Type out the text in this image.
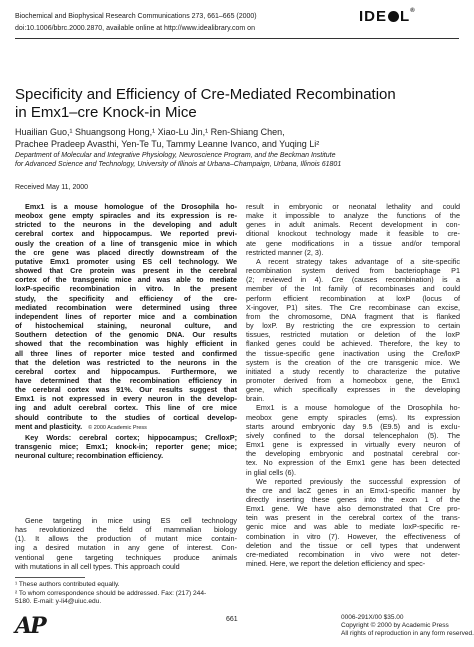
Biochemical and Biophysical Research Communications 273, 661–665 (2000)
doi:10.1006/bbrc.2000.2870, available online at http://www.idealibrary.com on
IDE L®
Specificity and Efficiency of Cre-Mediated Recombination
in Emx1–cre Knock-in Mice
Huailian Guo,¹ Shuangsong Hong,¹ Xiao-Lu Jin,¹ Ren-Shiang Chen,
Prachee Pradeep Avasthi, Yen-Te Tu, Tammy Leanne Ivanco, and Yuqing Li²
Department of Molecular and Integrative Physiology, Neuroscience Program, and the Beckman Institute
for Advanced Science and Technology, University of Illinois at Urbana–Champaign, Urbana, Illinois 61801
Received May 11, 2000
Emx1 is a mouse homologue of the Drosophila ho-
meobox gene empty spiracles and its expression is re-
stricted to the neurons in the developing and adult
cerebral cortex and hippocampus. We reported previ-
ously the creation of a line of transgenic mice in which
the cre gene was placed directly downstream of the
putative Emx1 promoter using ES cell technology. We
showed that Cre protein was present in the cerebral
cortex of the transgenic mice and was able to mediate
loxP-specific recombination in vitro. In the present
study, the specificity and efficiency of the cre-
mediated recombination were determined using three
independent lines of reporter mice and a combination
of histochemical staining, neuronal culture, and
Southern detection of the genomic DNA. Our results
showed that the recombination was highly efficient in
all three lines of reporter mice tested and confirmed
that the deletion was restricted to the neurons in the
cerebral cortex and hippocampus. Furthermore, we
have determined that the recombination efficiency in
the cerebral cortex was 91%. Our results suggest that
Emx1 is not expressed in every neuron in the develop-
ing and adult cerebral cortex. This line of cre mice
should contribute to the studies of cortical develop-
ment and plasticity. © 2000 Academic Press
Key Words: cerebral cortex; hippocampus; Cre/loxP;
transgenic mice; Emx1; knock-in; reporter gene; mice;
neuronal culture; recombination efficiency.
Gene targeting in mice using ES cell technology
has revolutionized the field of mammalian biology
(1). It allows the production of mutant mice contain-
ing a desired mutation in any gene of interest. Con-
ventional gene targeting techniques produce animals
with mutations in all cell types. This approach could
¹ These authors contributed equally.
² To whom correspondence should be addressed. Fax: (217) 244-
5180. E-mail: y-li4@uiuc.edu.
result in embryonic or neonatal lethality and could
make it impossible to analyze the functions of the
genes in adult animals. Recent development in con-
ditional knockout technology made it feasible to cre-
ate gene modifications in a tissue and/or temporal
restricted manner (2, 3).
A recent strategy takes advantage of a site-specific
recombination system derived from bacteriophage P1
(2; reviewed in 4). Cre (causes recombination) is a
member of the Int family of recombinases and could
perform efficient recombination at loxP (locus of
X-ingover, P1) sites. The Cre recombinase can excise,
from the chromosome, DNA fragment that is flanked
by loxP. By restricting the cre expression to certain
tissues, restricted mutation or deletion of the loxP
flanked genes could be achieved. Therefore, the key to
the tissue-specific gene inactivation using the Cre/loxP
system is the creation of the cre transgenic mice. We
initiated a study recently to characterize the putative
promoter derived from a homeobox gene, the Emx1
gene, which specifically expresses in the developing
brain.
Emx1 is a mouse homologue of the Drosophila ho-
meobox gene empty spiracles (ems). Its expression
starts around embryonic day 9.5 (E9.5) and is exclu-
sively confined to the dorsal telencephalon (5). The
Emx1 gene is expressed in virtually every neuron of
the developing embryonic and postnatal cerebral cor-
tex. No expression of the Emx1 gene has been detected
in glial cells (6).
We reported previously the successful expression of
the cre and lacZ genes in an Emx1-specific manner by
directly inserting these genes into the exon 1 of the
Emx1 gene. We have also demonstrated that Cre pro-
tein was present in the cerebral cortex of the trans-
genic mice and was able to mediate loxP-specific re-
combination in vitro (7). However, the effectiveness of
deletion and the tissue or cell types that underwent
cre-mediated recombination in vivo were not deter-
mined. Here, we report the deletion efficiency and spec-
AP	661	0006-291X/00 $35.00
Copyright © 2000 by Academic Press
All rights of reproduction in any form reserved.
